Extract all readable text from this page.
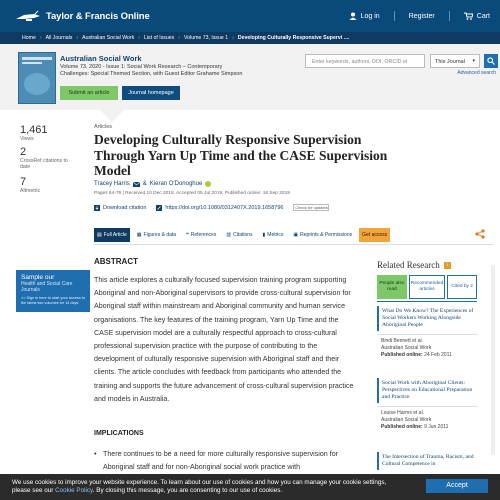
Taylor & Francis Online	Log in	Register	Cart
Home › All Journals › Australian Social Work › List of Issues › Volume 73, Issue 1 › Developing Culturally Responsive Supervi ....
Australian Social Work
Volume 73, 2020 - Issue 1: Social Work Research – Contemporary
Challenges: Special Themed Section, with Guest Editor Grahame Simpson
Submit an article	Journal homepage
Enter keywords, authors, DOI, ORCID et	This Journal ▾
Advanced search
1,461
Views
2
CrossRef citations to date
7
Altmetric
Articles
Developing Culturally Responsive Supervision Through Yarn Up Time and the CASE Supervision Model
Tracey Harris & Kieran O'Donoghue
Pages 64-76 | Received 10 Dec 2018, Accepted 05 Jul 2019, Published online: 18 Sep 2019
Download citation	https://doi.org/10.1080/0312407X.2019.1658796	Check for updates
▤ Full Article ▦ Figures & data ❝ References ▥ Citations ▮ Metrics ▣ Reprints & Permissions	Get access
Sample our
Health and Social Care Journals
>> Sign in here to start your access to the latest two volumes for 14 days
ABSTRACT

This article explores a culturally focused supervision training program supporting Aboriginal and non-Aboriginal supervisors to provide cross-cultural supervision for Aboriginal staff within mainstream and Aboriginal community and human service organisations. The key features of the training program, Yarn Up Time and the CASE supervision model are a culturally respectful approach to cross-cultural professional supervision practice with the purpose of contributing to the development of culturally responsive supervision with Aboriginal staff and their clients. The article concludes with feedback from participants who attended the training and supports the future advancement of cross-cultural supervision practice and models in Australia.

IMPLICATIONS
• There continues to be a need for more culturally responsive supervision for Aboriginal staff and for non-Aboriginal social work practice with
Related Research	i
People also read
Recommended articles
Cited by 2
What Do We Know? The Experiences of Social Workers Working Alongside Aboriginal People
Bindi Bennett et al.
Australian Social Work
Published online: 24 Feb 2011
Social Work with Aboriginal Clients: Perspectives on Educational Preparation and Practice
Louise Harms et al.
Australian Social Work
Published online: 9 Jun 2011
The Intersection of Trauma, Racism, and Cultural Competence in
We use cookies to improve your website experience. To learn about our use of cookies and how you can manage your cookie settings,
please see our Cookie Policy. By closing this message, you are consenting to our use of cookies.
Accept
